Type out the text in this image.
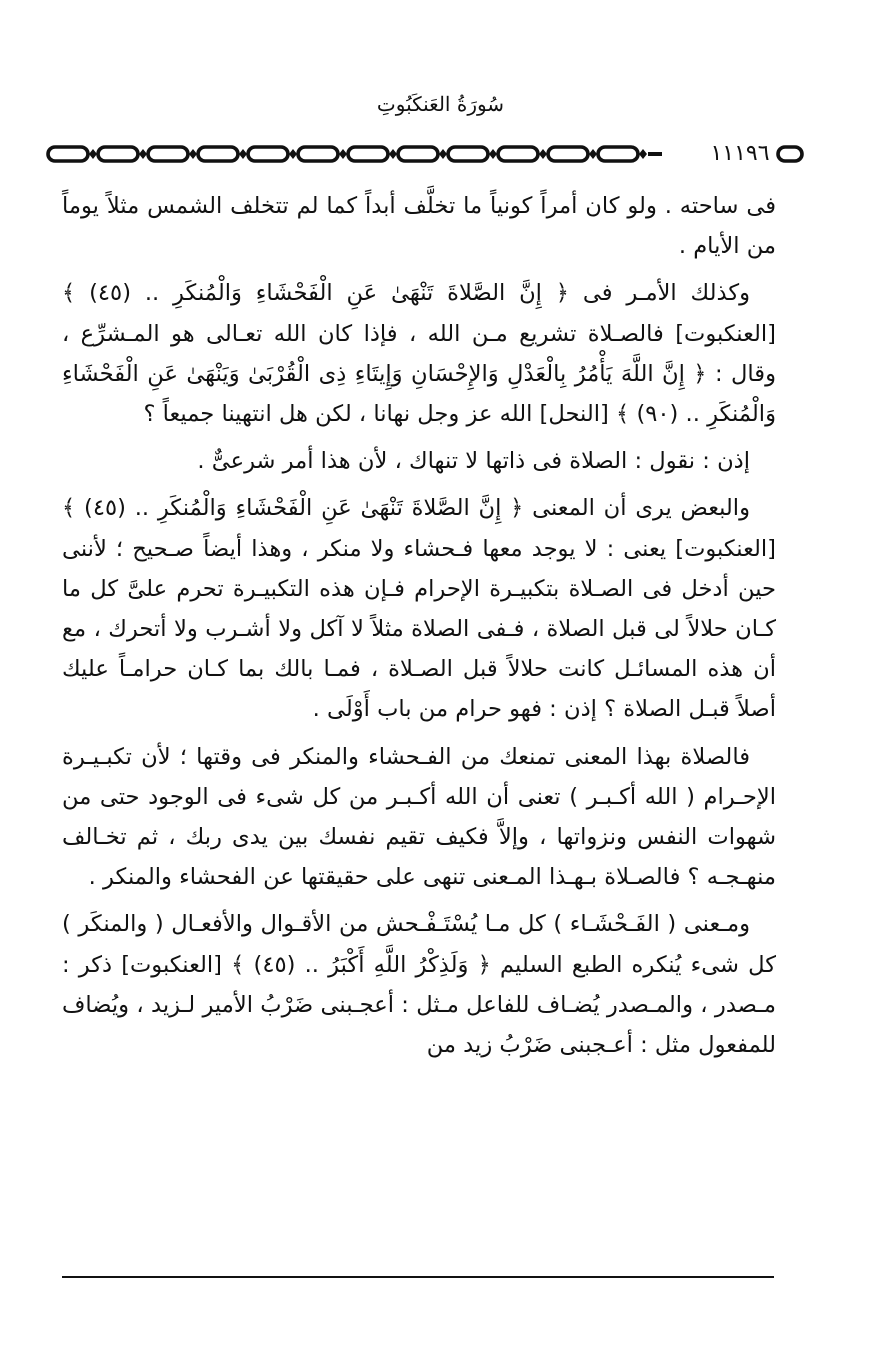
سُورَةُ العَنكَبُوتِ
١١١٩٦

فى ساحته . ولو كان أمراً كونياً ما تخلَّف أبداً كما لم تتخلف الشمس مثلاً يوماً من الأيام .

وكذلك الأمـر فى ﴿ إِنَّ الصَّلاةَ تَنْهَىٰ عَنِ الْفَحْشَاءِ وَالْمُنكَرِ .. (٤٥) ﴾ [العنكبوت] فالصـلاة تشريع مـن الله ، فإذا كان الله تعـالى هو المـشرِّع ، وقال : ﴿ إِنَّ اللَّهَ يَأْمُرُ بِالْعَدْلِ وَالإِحْسَانِ وَإِيتَاءِ ذِى الْقُرْبَىٰ وَيَنْهَىٰ عَنِ الْفَحْشَاءِ وَالْمُنكَرِ .. (٩٠) ﴾ [النحل] الله عز وجل نهانا ، لكن هل انتهينا جميعاً ؟

إذن : نقول : الصلاة فى ذاتها لا تنهاك ، لأن هذا أمر شرعىٌّ .

والبعض يرى أن المعنى ﴿ إِنَّ الصَّلاةَ تَنْهَىٰ عَنِ الْفَحْشَاءِ وَالْمُنكَرِ .. (٤٥) ﴾ [العنكبوت] يعنى : لا يوجد معها فـحشاء ولا منكر ، وهذا أيضاً صـحيح ؛ لأننى حين أدخل فى الصـلاة بتكبيـرة الإحرام فـإن هذه التكبيـرة تحرم علىَّ كل ما كـان حلالاً لى قبل الصلاة ، فـفى الصلاة مثلاً لا آكل ولا أشـرب ولا أتحرك ، مع أن هذه المسائـل كانت حلالاً قبل الصـلاة ، فمـا بالك بما كـان حرامـاً عليك أصلاً قبـل الصلاة ؟ إذن : فهو حرام من باب أَوْلَى .

فالصلاة بهذا المعنى تمنعك من الفـحشاء والمنكر فى وقتها ؛ لأن تكبـيـرة الإحـرام ( الله أكـبـر ) تعنى أن الله أكـبـر من كل شىء فى الوجود حتى من شهوات النفس ونزواتها ، وإلاَّ فكيف تقيم نفسك بين يدى ربك ، ثم تخـالف منهـجـه ؟ فالصـلاة بـهـذا المـعنى تنهى على حقيقتها عن الفحشاء والمنكر .

ومـعنى ( الفَـحْشَـاء ) كل مـا يُسْتَـفْـحش من الأقـوال والأفعـال ( والمنكَر ) كل شىء يُنكره الطبع السليم ﴿ وَلَذِكْرُ اللَّهِ أَكْبَرُ .. (٤٥) ﴾ [العنكبوت] ذكر : مـصدر ، والمـصدر يُضـاف للفاعل مـثل : أعجـبنى ضَرْبُ الأمير لـزيد ، ويُضاف للمفعول مثل : أعـجبنى ضَرْبُ زيد من
